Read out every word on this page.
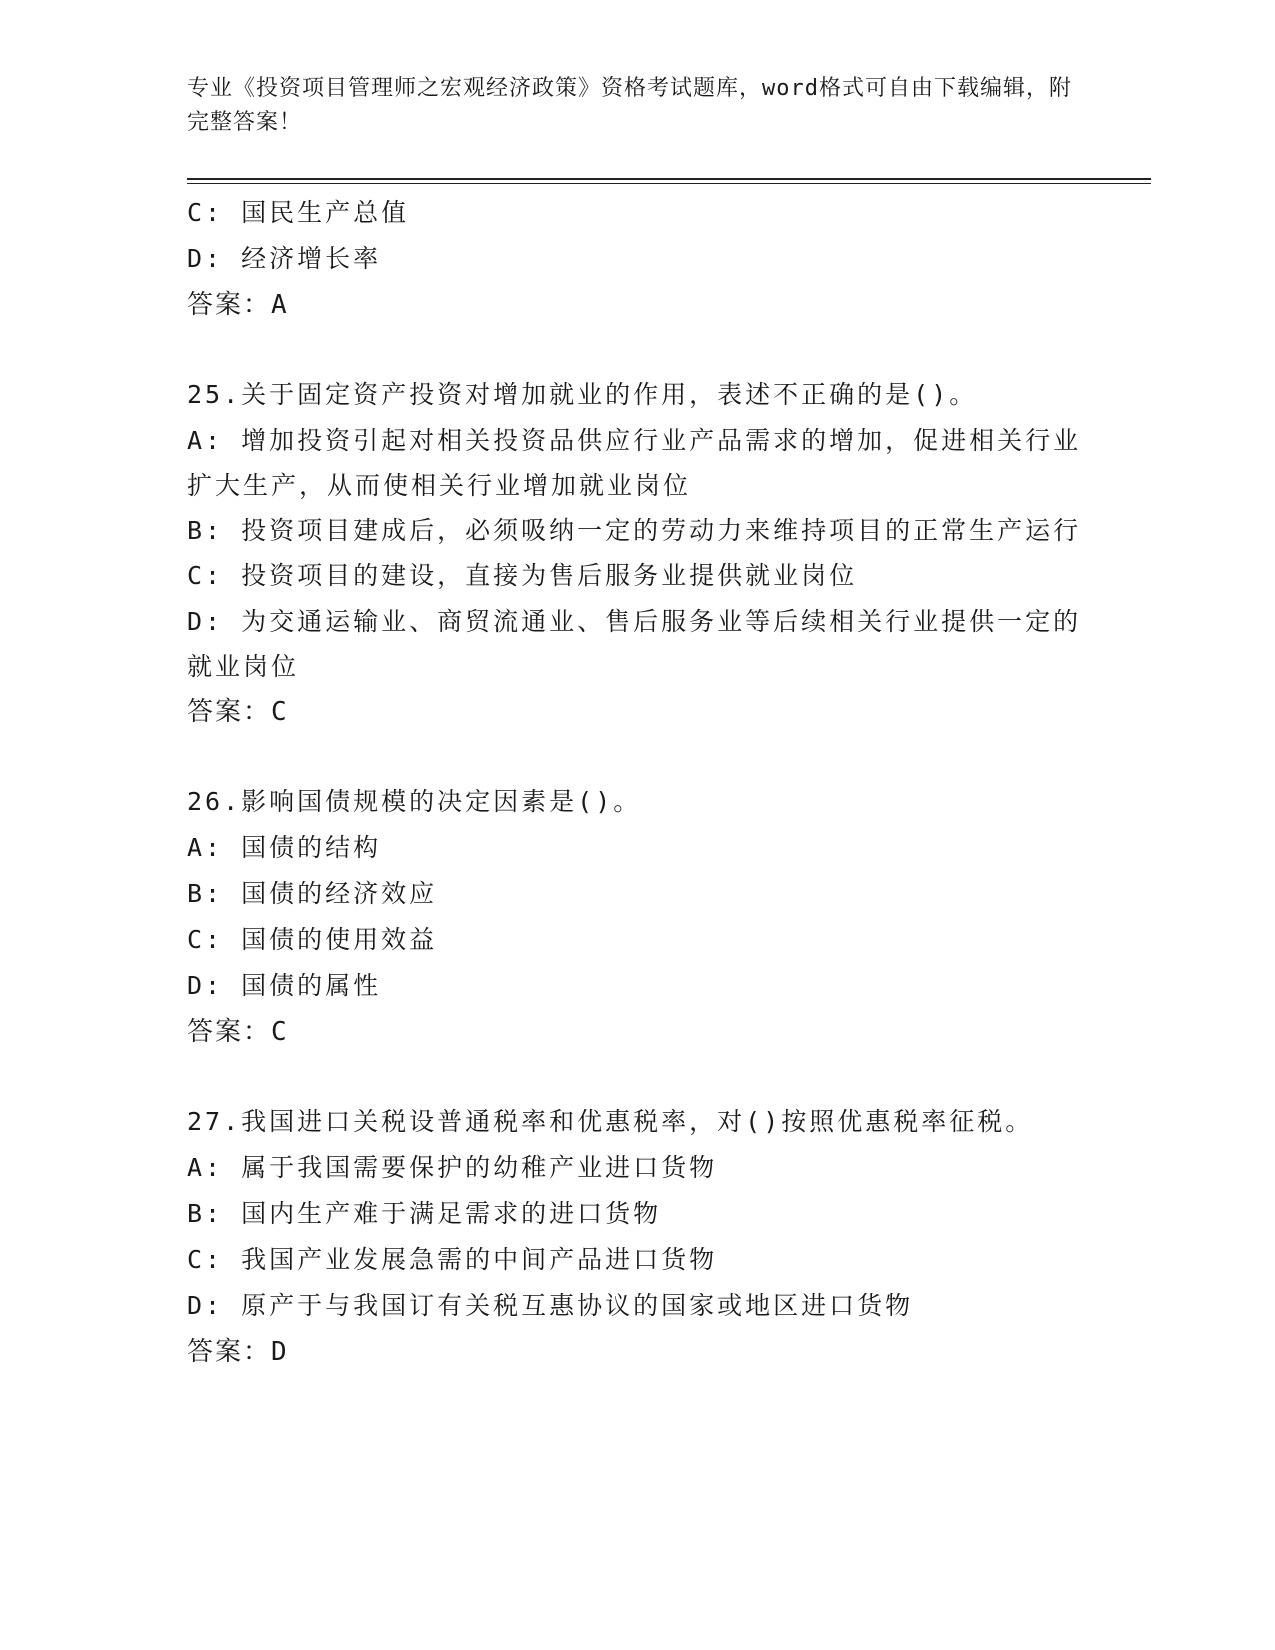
专业《投资项目管理师之宏观经济政策》资格考试题库，word格式可自由下载编辑，附完整答案！
C: 国民生产总值
D: 经济增长率
答案：A
25.关于固定资产投资对增加就业的作用，表述不正确的是()。
A: 增加投资引起对相关投资品供应行业产品需求的增加，促进相关行业扩大生产，从而使相关行业增加就业岗位
B: 投资项目建成后，必须吸纳一定的劳动力来维持项目的正常生产运行
C: 投资项目的建设，直接为售后服务业提供就业岗位
D: 为交通运输业、商贸流通业、售后服务业等后续相关行业提供一定的就业岗位
答案：C
26.影响国债规模的决定因素是()。
A: 国债的结构
B: 国债的经济效应
C: 国债的使用效益
D: 国债的属性
答案：C
27.我国进口关税设普通税率和优惠税率，对()按照优惠税率征税。
A: 属于我国需要保护的幼稚产业进口货物
B: 国内生产难于满足需求的进口货物
C: 我国产业发展急需的中间产品进口货物
D: 原产于与我国订有关税互惠协议的国家或地区进口货物
答案：D
